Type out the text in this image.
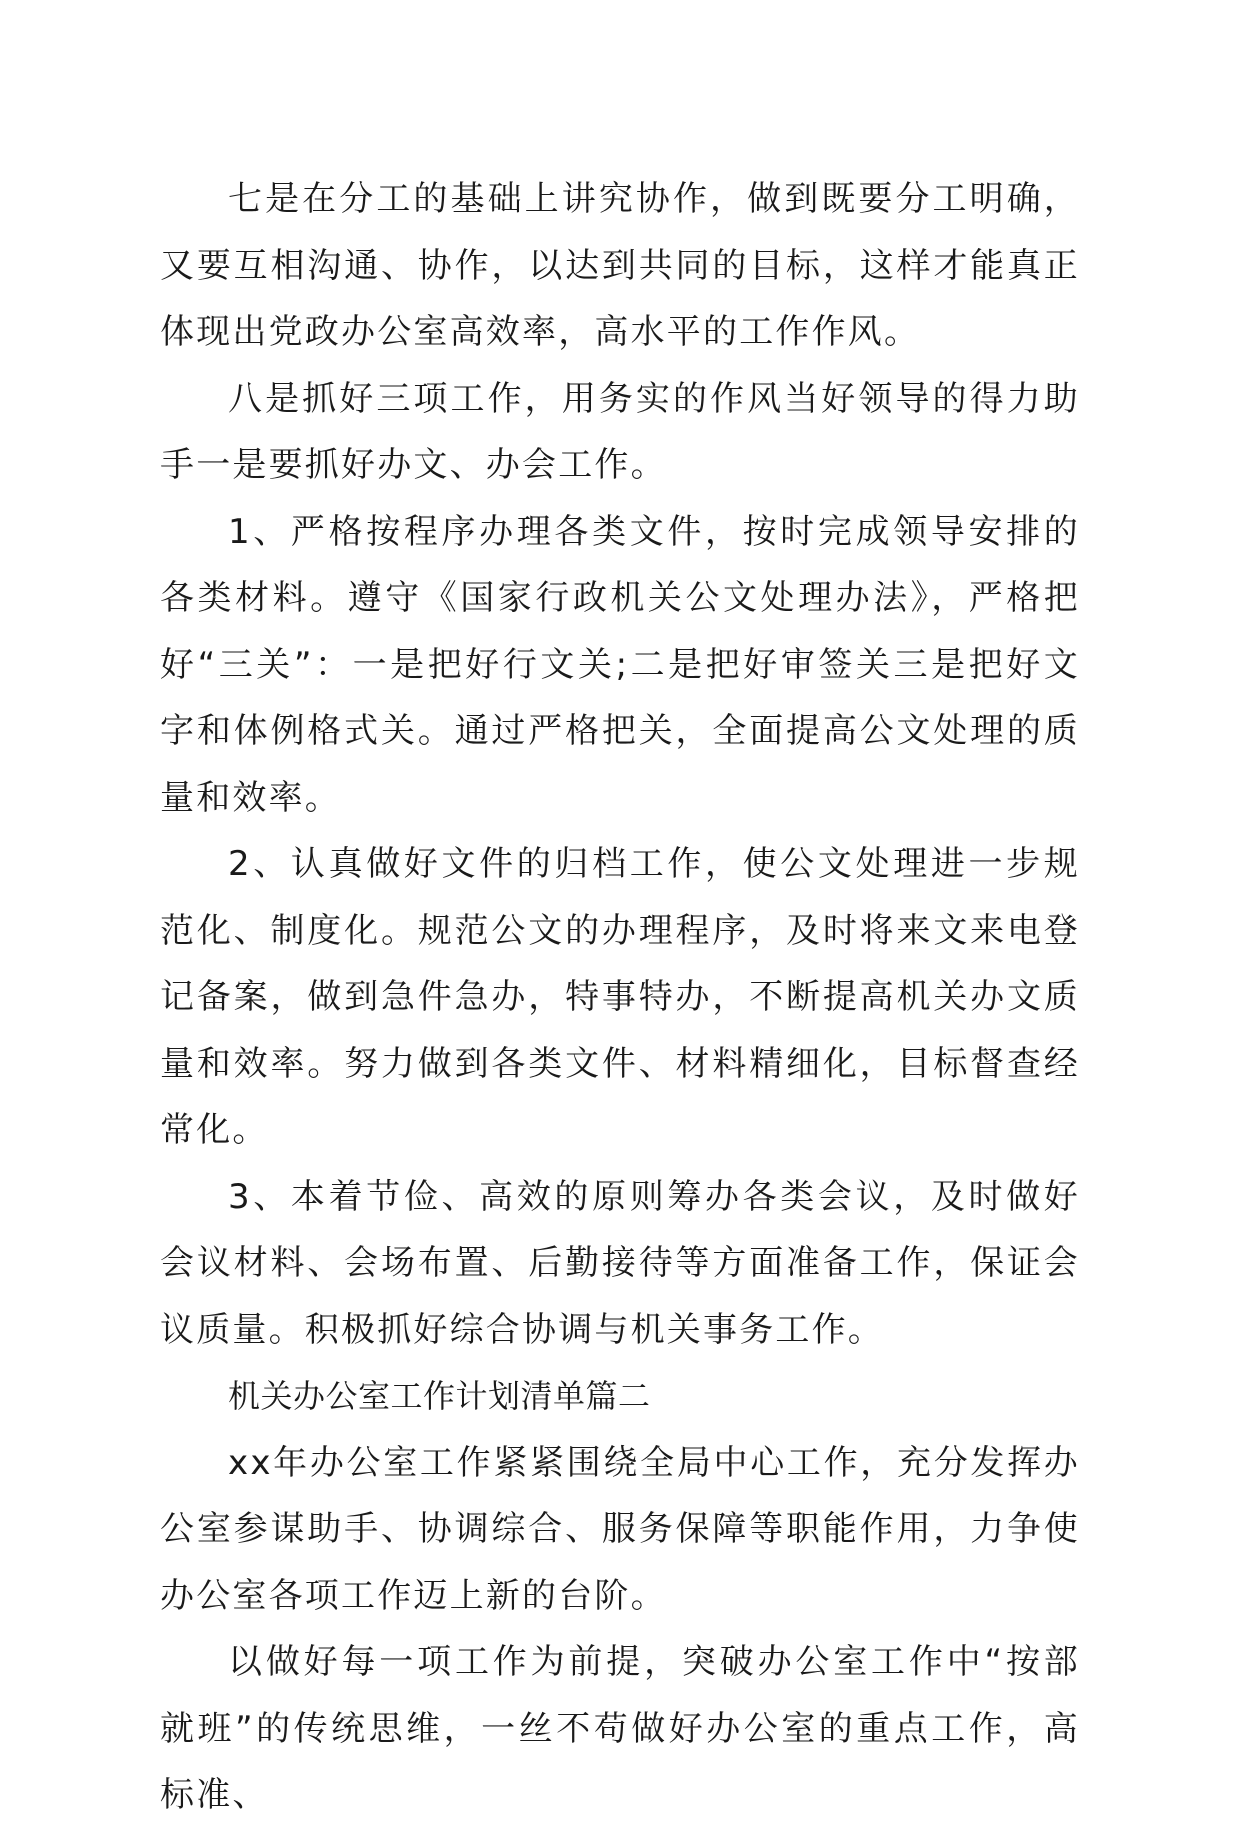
七是在分工的基础上讲究协作，做到既要分工明确，又要互相沟通、协作，以达到共同的目标，这样才能真正体现出党政办公室高效率，高水平的工作作风。

八是抓好三项工作，用务实的作风当好领导的得力助手一是要抓好办文、办会工作。

1、严格按程序办理各类文件，按时完成领导安排的各类材料。遵守《国家行政机关公文处理办法》，严格把好“三关”：一是把好行文关;二是把好审签关三是把好文字和体例格式关。通过严格把关，全面提高公文处理的质量和效率。

2、认真做好文件的归档工作，使公文处理进一步规范化、制度化。规范公文的办理程序，及时将来文来电登记备案，做到急件急办，特事特办，不断提高机关办文质量和效率。努力做到各类文件、材料精细化，目标督查经常化。

3、本着节俭、高效的原则筹办各类会议，及时做好会议材料、会场布置、后勤接待等方面准备工作，保证会议质量。积极抓好综合协调与机关事务工作。

机关办公室工作计划清单篇二

xx年办公室工作紧紧围绕全局中心工作，充分发挥办公室参谋助手、协调综合、服务保障等职能作用，力争使办公室各项工作迈上新的台阶。

以做好每一项工作为前提，突破办公室工作中“按部就班”的传统思维，一丝不苟做好办公室的重点工作，高标准、
